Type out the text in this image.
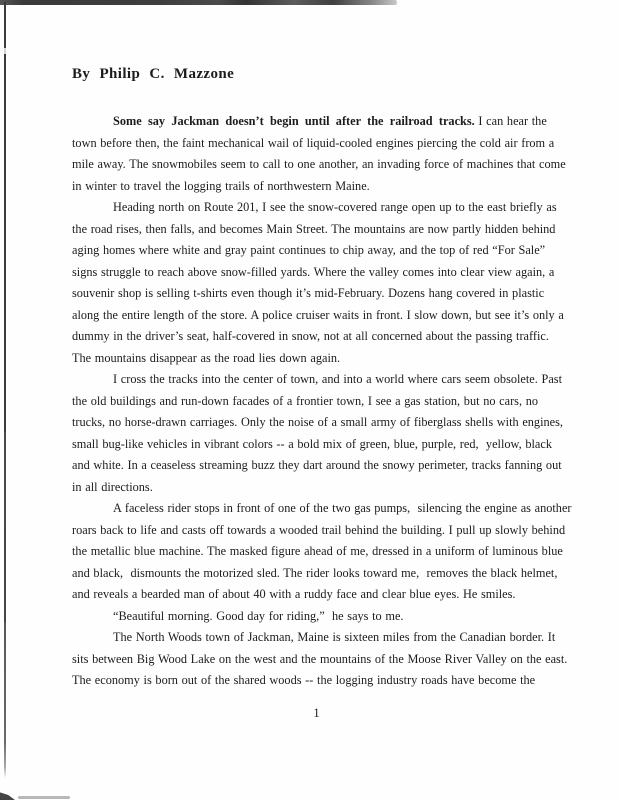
By Philip C. Mazzone
Some say Jackman doesn’t begin until after the railroad tracks. I can hear the
town before then, the faint mechanical wail of liquid-cooled engines piercing the cold air from a
mile away. The snowmobiles seem to call to one another, an invading force of machines that come
in winter to travel the logging trails of northwestern Maine.
Heading north on Route 201, I see the snow-covered range open up to the east briefly as
the road rises, then falls, and becomes Main Street. The mountains are now partly hidden behind
aging homes where white and gray paint continues to chip away, and the top of red “For Sale”
signs struggle to reach above snow-filled yards. Where the valley comes into clear view again, a
souvenir shop is selling t-shirts even though it’s mid-February. Dozens hang covered in plastic
along the entire length of the store. A police cruiser waits in front. I slow down, but see it’s only a
dummy in the driver’s seat, half-covered in snow, not at all concerned about the passing traffic.
The mountains disappear as the road lies down again.
I cross the tracks into the center of town, and into a world where cars seem obsolete. Past
the old buildings and run-down facades of a frontier town, I see a gas station, but no cars, no
trucks, no horse-drawn carriages. Only the noise of a small army of fiberglass shells with engines,
small bug-like vehicles in vibrant colors -- a bold mix of green, blue, purple, red,  yellow, black
and white. In a ceaseless streaming buzz they dart around the snowy perimeter, tracks fanning out
in all directions.
A faceless rider stops in front of one of the two gas pumps,  silencing the engine as another
roars back to life and casts off towards a wooded trail behind the building. I pull up slowly behind
the metallic blue machine. The masked figure ahead of me, dressed in a uniform of luminous blue
and black,  dismounts the motorized sled. The rider looks toward me,  removes the black helmet,
and reveals a bearded man of about 40 with a ruddy face and clear blue eyes. He smiles.
“Beautiful morning. Good day for riding,”  he says to me.
The North Woods town of Jackman, Maine is sixteen miles from the Canadian border. It
sits between Big Wood Lake on the west and the mountains of the Moose River Valley on the east.
The economy is born out of the shared woods -- the logging industry roads have become the
1
